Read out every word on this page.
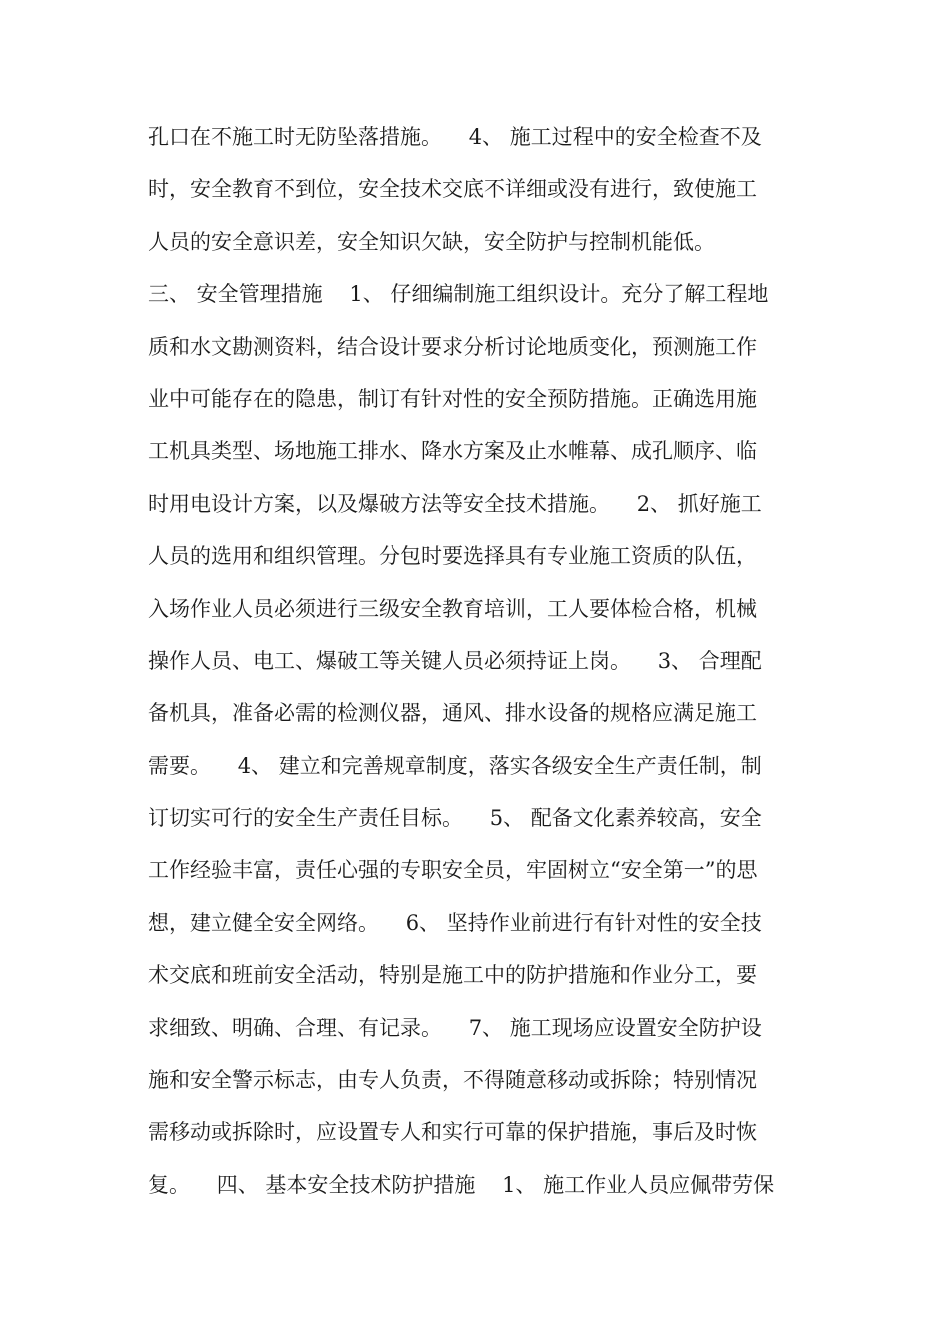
孔口在不施工时无防坠落措施。    4、 施工过程中的安全检查不及
时，安全教育不到位，安全技术交底不详细或没有进行，致使施工
人员的安全意识差，安全知识欠缺，安全防护与控制机能低。
三、 安全管理措施    1、 仔细编制施工组织设计。充分了解工程地
质和水文勘测资料，结合设计要求分析讨论地质变化，预测施工作
业中可能存在的隐患，制订有针对性的安全预防措施。正确选用施
工机具类型、场地施工排水、降水方案及止水帷幕、成孔顺序、临
时用电设计方案，以及爆破方法等安全技术措施。    2、 抓好施工
人员的选用和组织管理。分包时要选择具有专业施工资质的队伍，
入场作业人员必须进行三级安全教育培训，工人要体检合格，机械
操作人员、电工、爆破工等关键人员必须持证上岗。    3、 合理配
备机具，准备必需的检测仪器，通风、排水设备的规格应满足施工
需要。    4、 建立和完善规章制度，落实各级安全生产责任制，制
订切实可行的安全生产责任目标。    5、 配备文化素养较高，安全
工作经验丰富，责任心强的专职安全员，牢固树立“安全第一”的思
想，建立健全安全网络。    6、 坚持作业前进行有针对性的安全技
术交底和班前安全活动，特别是施工中的防护措施和作业分工，要
求细致、明确、合理、有记录。    7、 施工现场应设置安全防护设
施和安全警示标志，由专人负责，不得随意移动或拆除；特别情况
需移动或拆除时，应设置专人和实行可靠的保护措施，事后及时恢
复。    四、 基本安全技术防护措施    1、 施工作业人员应佩带劳保
